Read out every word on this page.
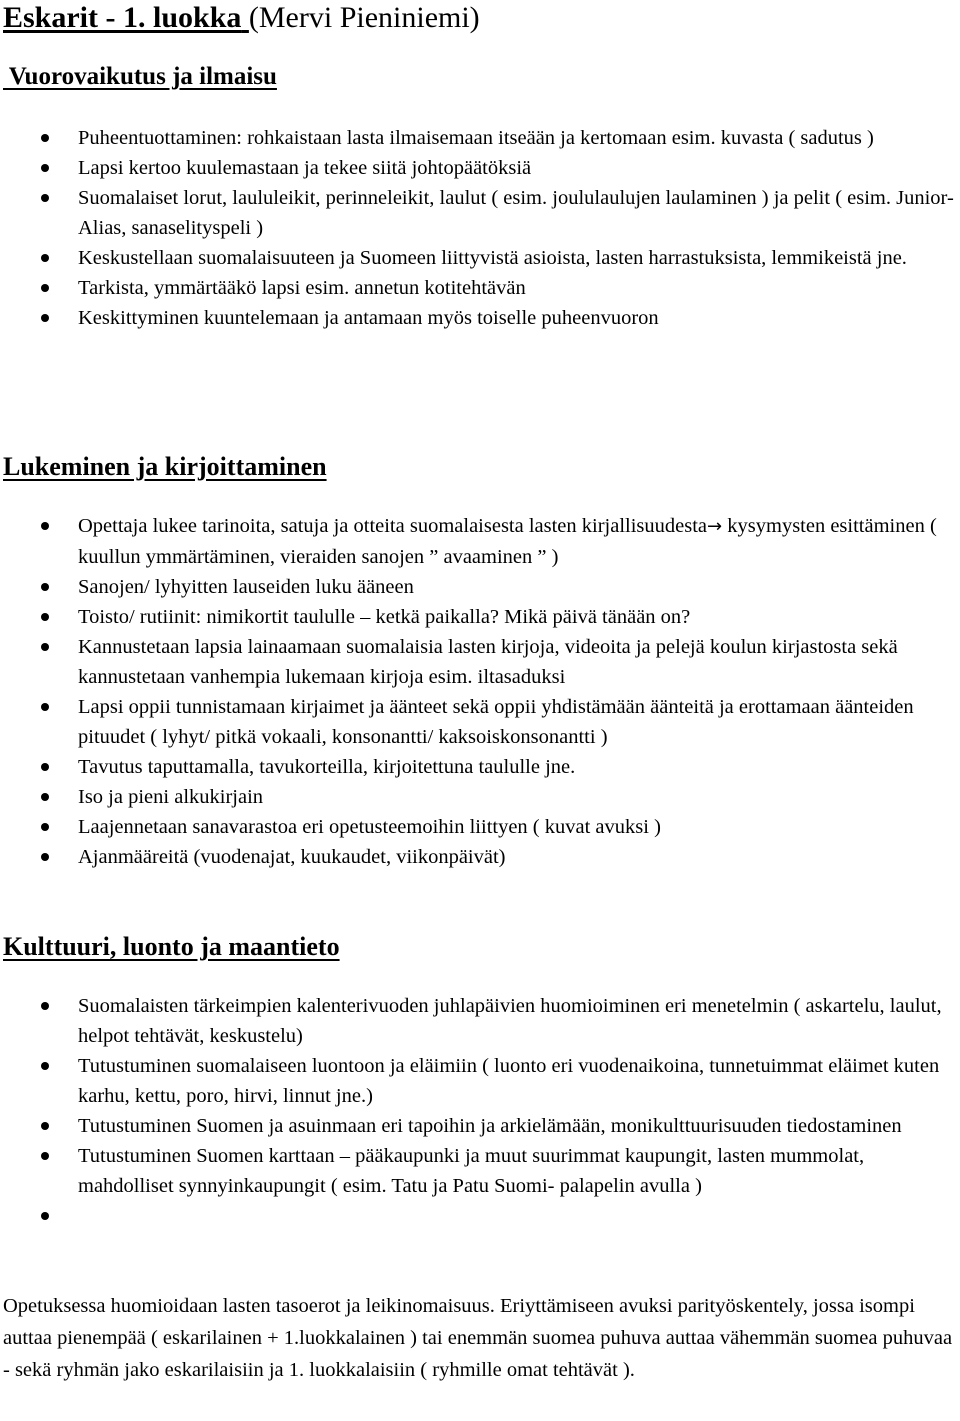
Eskarit - 1. luokka (Mervi Pieniniemi)
Vuorovaikutus ja ilmaisu
Puheentuottaminen: rohkaistaan lasta ilmaisemaan itseään ja kertomaan esim. kuvasta ( sadutus )
Lapsi kertoo kuulemastaan ja tekee siitä johtopäätöksiä
Suomalaiset lorut, laululeikit, perinneleikit, laulut ( esim. joululaulujen laulaminen ) ja pelit ( esim. Junior- Alias, sanaselityspeli )
Keskustellaan suomalaisuuteen ja Suomeen liittyvistä asioista, lasten harrastuksista, lemmikeistä jne.
Tarkista, ymmärtääkö lapsi esim. annetun kotitehtävän
Keskittyminen kuuntelemaan ja antamaan myös toiselle puheenvuoron
Lukeminen ja kirjoittaminen
Opettaja lukee tarinoita, satuja ja otteita suomalaisesta lasten kirjallisuudesta→ kysymysten esittäminen ( kuullun ymmärtäminen, vieraiden sanojen ” avaaminen ” )
Sanojen/ lyhyitten lauseiden luku ääneen
Toisto/ rutiinit: nimikortit taululle – ketkä paikalla? Mikä päivä tänään on?
Kannustetaan lapsia lainaamaan suomalaisia lasten kirjoja, videoita ja pelejä koulun kirjastosta sekä kannustetaan vanhempia lukemaan kirjoja esim. iltasaduksi
Lapsi oppii tunnistamaan kirjaimet ja äänteet sekä oppii yhdistämään äänteitä ja erottamaan äänteiden pituudet ( lyhyt/ pitkä vokaali, konsonantti/ kaksoiskonsonantti )
Tavutus taputtamalla, tavukorteilla, kirjoitettuna taululle jne.
Iso ja pieni alkukirjain
Laajennetaan sanavarastoa eri opetusteemoihin liittyen ( kuvat avuksi )
Ajanmääreitä (vuodenajat, kuukaudet, viikonpäivät)
Kulttuuri, luonto ja maantieto
Suomalaisten tärkeimpien kalenterivuoden juhlapäivien huomioiminen eri menetelmin ( askartelu, laulut, helpot tehtävät, keskustelu)
Tutustuminen suomalaiseen luontoon ja eläimiin ( luonto eri vuodenaikoina, tunnetuimmat eläimet kuten karhu, kettu, poro, hirvi, linnut jne.)
Tutustuminen Suomen ja asuinmaan eri tapoihin ja arkielämään, monikulttuurisuuden tiedostaminen
Tutustuminen Suomen karttaan – pääkaupunki ja muut suurimmat kaupungit, lasten mummolat, mahdolliset synnyinkaupungit ( esim. Tatu ja Patu Suomi- palapelin avulla )
Opetuksessa huomioidaan lasten tasoerot ja leikinomaisuus. Eriyttämiseen avuksi parityöskentely, jossa isompi auttaa pienempää ( eskarilainen + 1.luokkalainen ) tai enemmän suomea puhuva auttaa vähemmän suomea puhuvaa - sekä ryhmän jako eskarilaisiin ja 1. luokkalaisiin ( ryhmille omat tehtävät ).
